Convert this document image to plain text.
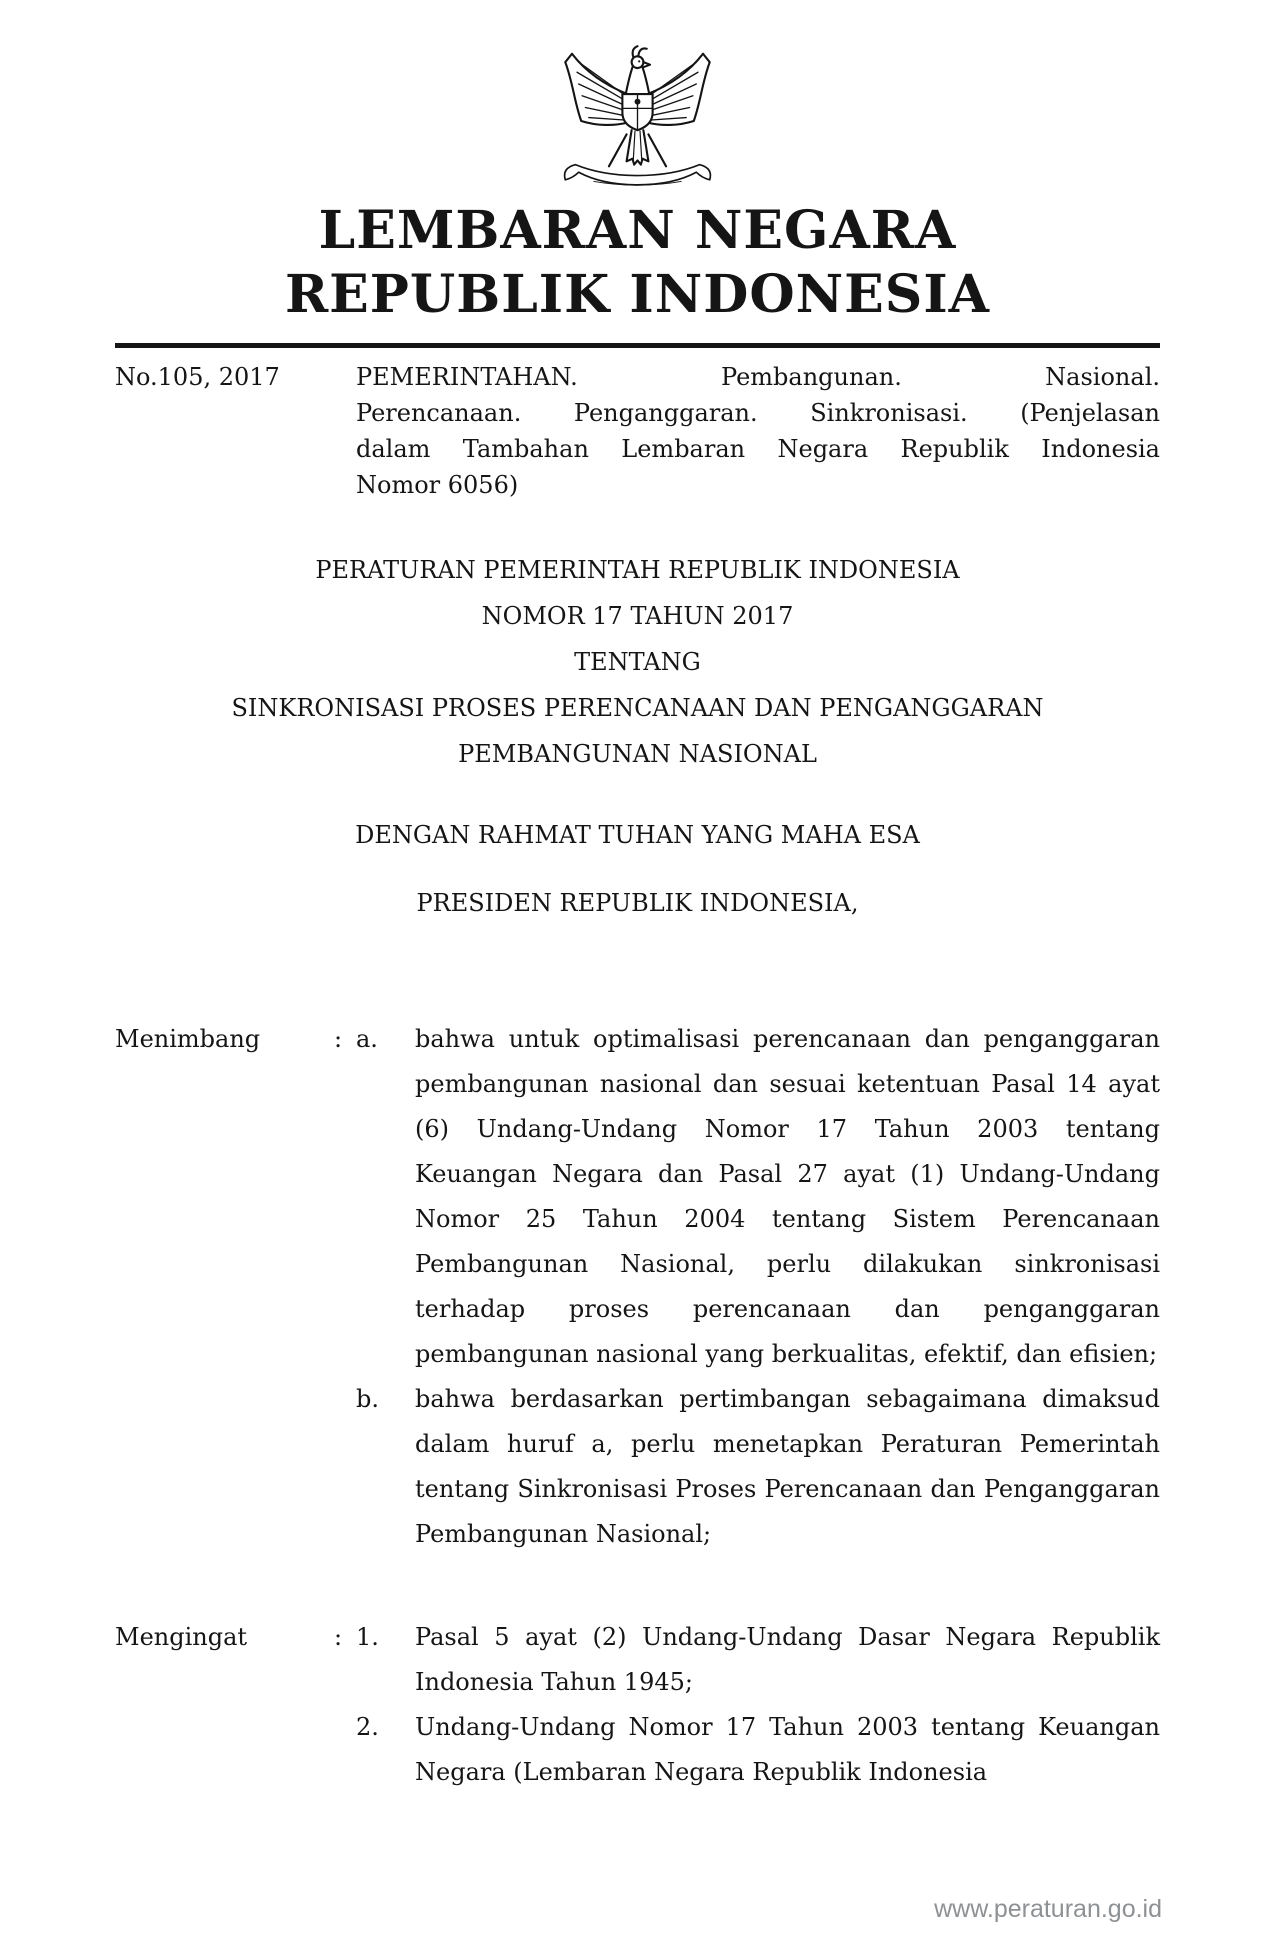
LEMBARAN NEGARA
REPUBLIK INDONESIA
No.105, 2017	PEMERINTAHAN. Pembangunan. Nasional.
Perencanaan. Penganggaran. Sinkronisasi. (Penjelasan
dalam Tambahan Lembaran Negara Republik Indonesia
Nomor 6056)
PERATURAN PEMERINTAH REPUBLIK INDONESIA
NOMOR 17 TAHUN 2017
TENTANG
SINKRONISASI PROSES PERENCANAAN DAN PENGANGGARAN
PEMBANGUNAN NASIONAL
DENGAN RAHMAT TUHAN YANG MAHA ESA
PRESIDEN REPUBLIK INDONESIA,
Menimbang	: a.	bahwa untuk optimalisasi perencanaan dan penganggaran pembangunan nasional dan sesuai ketentuan Pasal 14 ayat (6) Undang-Undang Nomor 17 Tahun 2003 tentang Keuangan Negara dan Pasal 27 ayat (1) Undang-Undang Nomor 25 Tahun 2004 tentang Sistem Perencanaan Pembangunan Nasional, perlu dilakukan sinkronisasi terhadap proses perencanaan dan penganggaran pembangunan nasional yang berkualitas, efektif, dan efisien;
b.	bahwa berdasarkan pertimbangan sebagaimana dimaksud dalam huruf a, perlu menetapkan Peraturan Pemerintah tentang Sinkronisasi Proses Perencanaan dan Penganggaran Pembangunan Nasional;
Mengingat	: 1.	Pasal 5 ayat (2) Undang-Undang Dasar Negara Republik Indonesia Tahun 1945;
2.	Undang-Undang Nomor 17 Tahun 2003 tentang Keuangan Negara (Lembaran Negara Republik Indonesia
www.peraturan.go.id
